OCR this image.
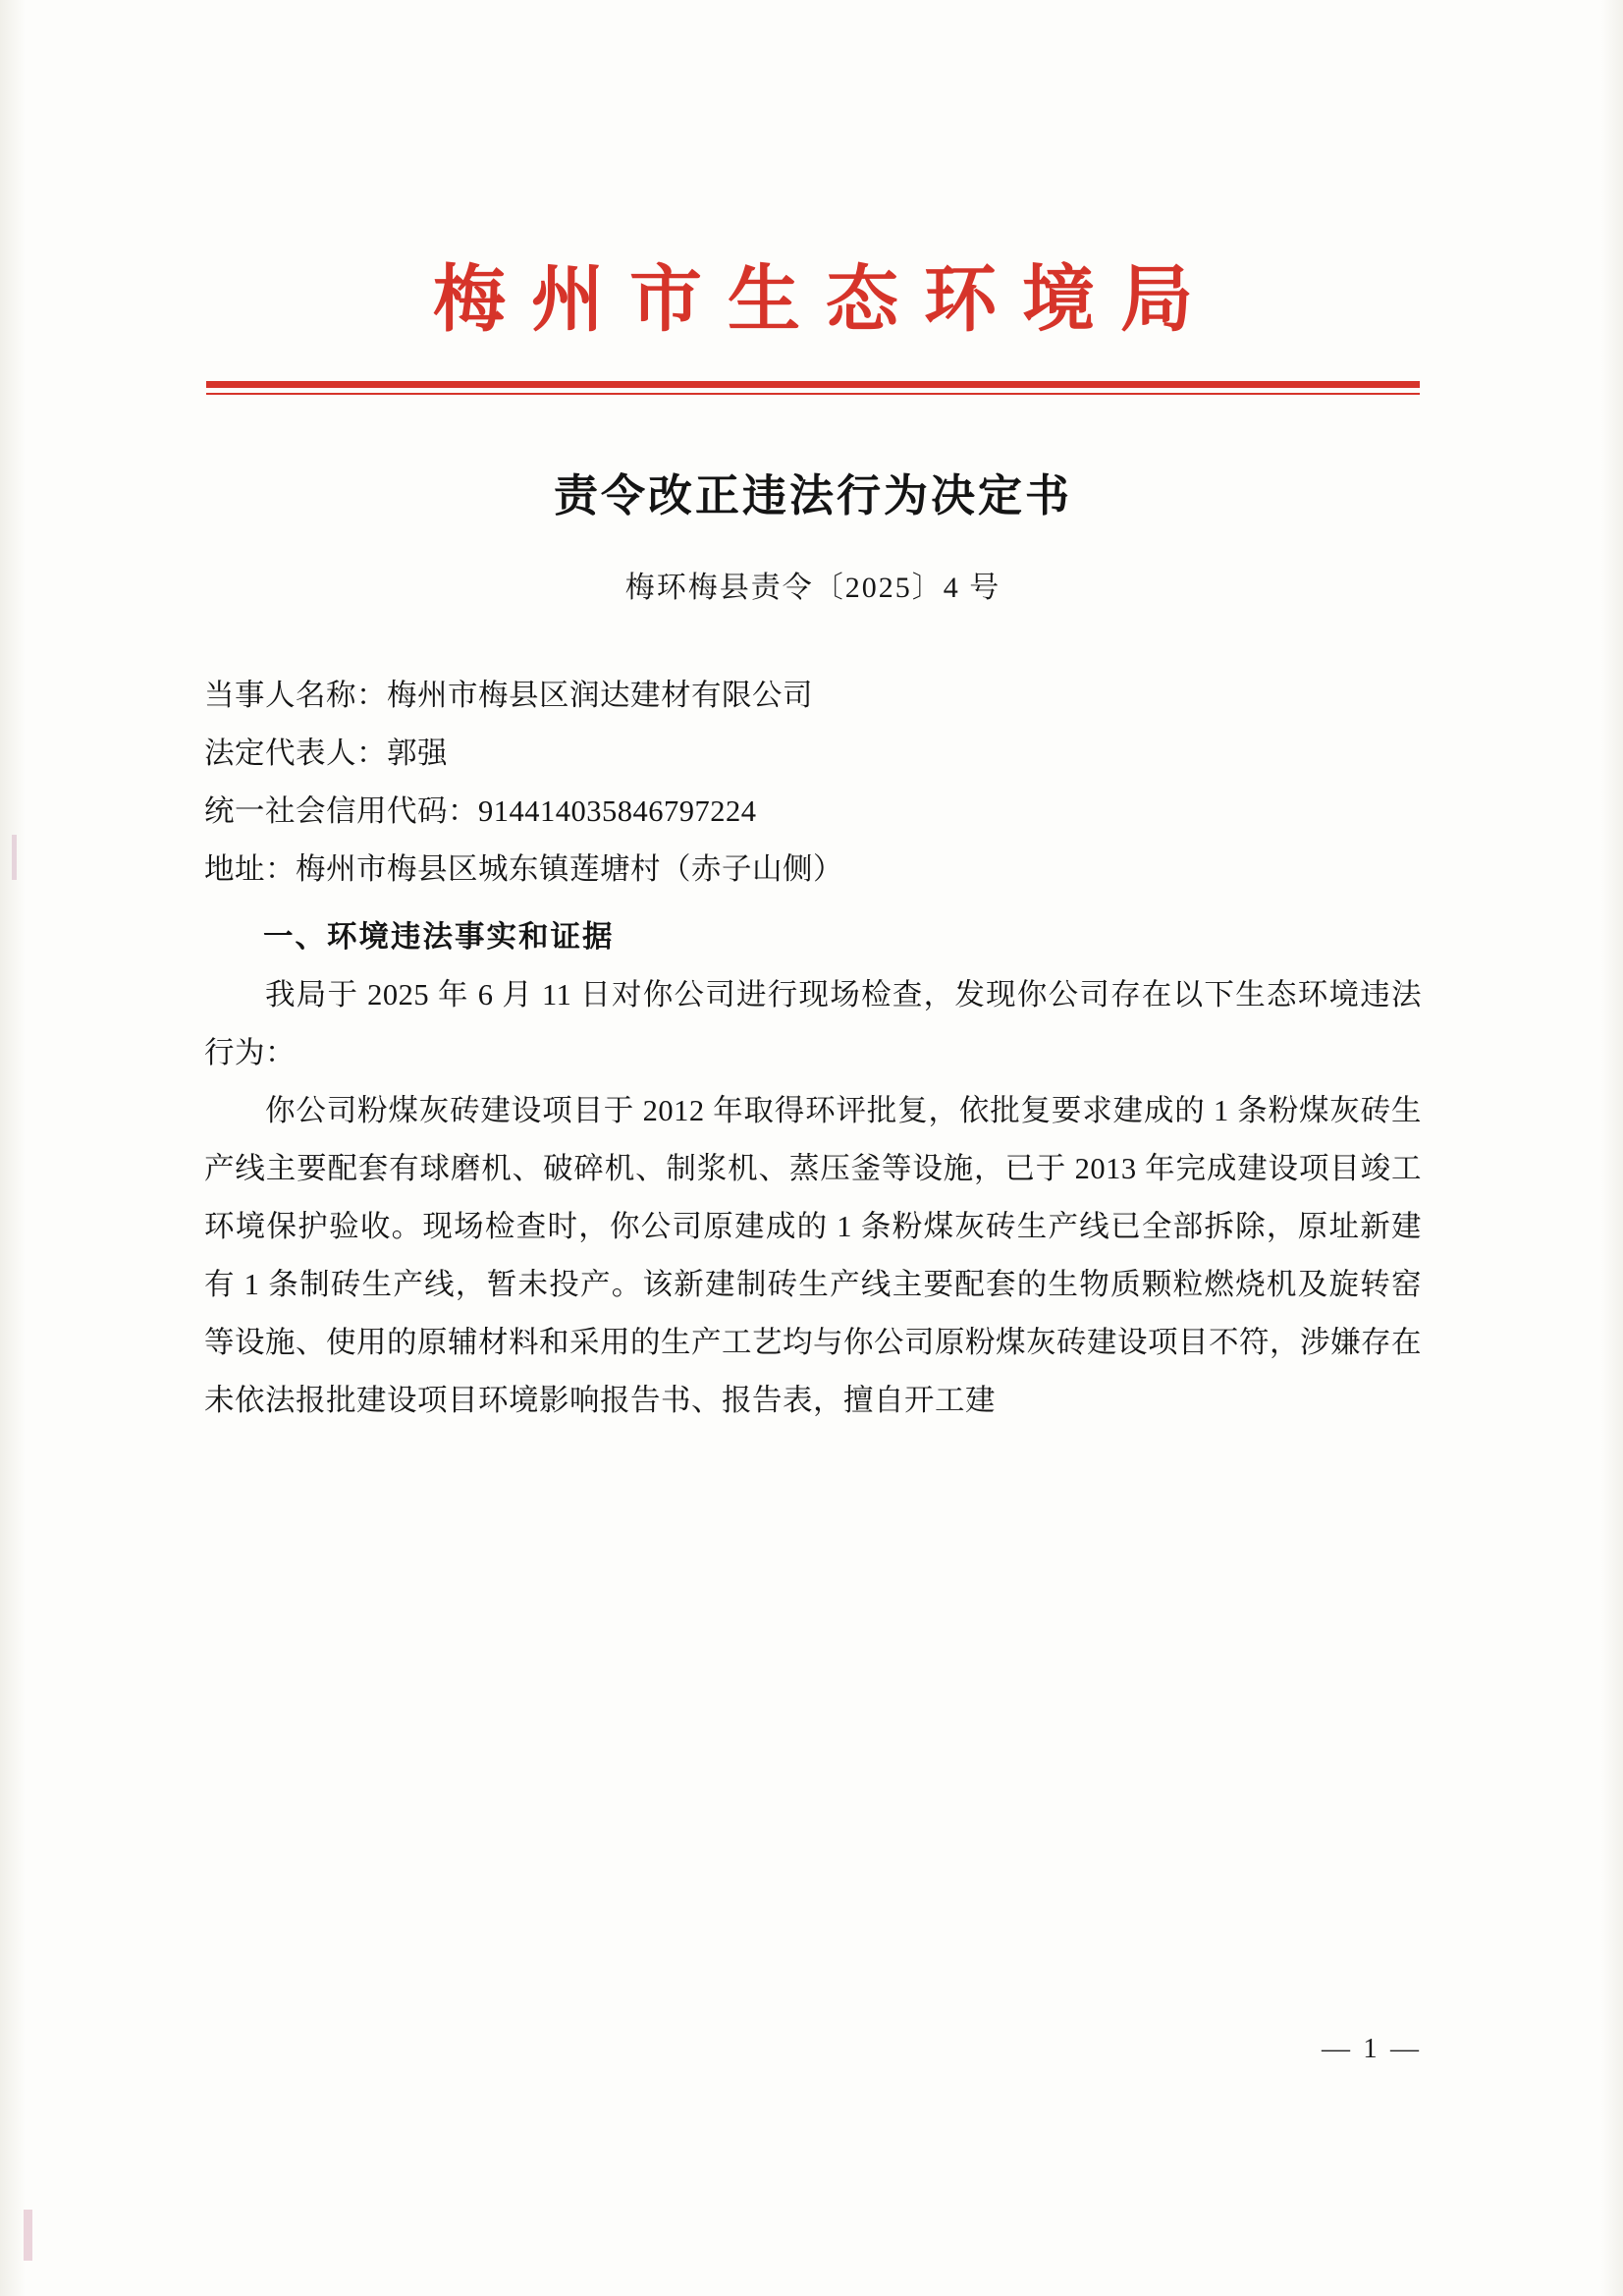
梅州市生态环境局
责令改正违法行为决定书
梅环梅县责令〔2025〕4 号
当事人名称：梅州市梅县区润达建材有限公司
法定代表人：郭强
统一社会信用代码：914414035846797224
地址：梅州市梅县区城东镇莲塘村（赤子山侧）
一、环境违法事实和证据
我局于 2025 年 6 月 11 日对你公司进行现场检查，发现你公司存在以下生态环境违法行为：
你公司粉煤灰砖建设项目于 2012 年取得环评批复，依批复要求建成的 1 条粉煤灰砖生产线主要配套有球磨机、破碎机、制浆机、蒸压釜等设施，已于 2013 年完成建设项目竣工环境保护验收。现场检查时，你公司原建成的 1 条粉煤灰砖生产线已全部拆除，原址新建有 1 条制砖生产线，暂未投产。该新建制砖生产线主要配套的生物质颗粒燃烧机及旋转窑等设施、使用的原辅材料和采用的生产工艺均与你公司原粉煤灰砖建设项目不符，涉嫌存在未依法报批建设项目环境影响报告书、报告表，擅自开工建
— 1 —
